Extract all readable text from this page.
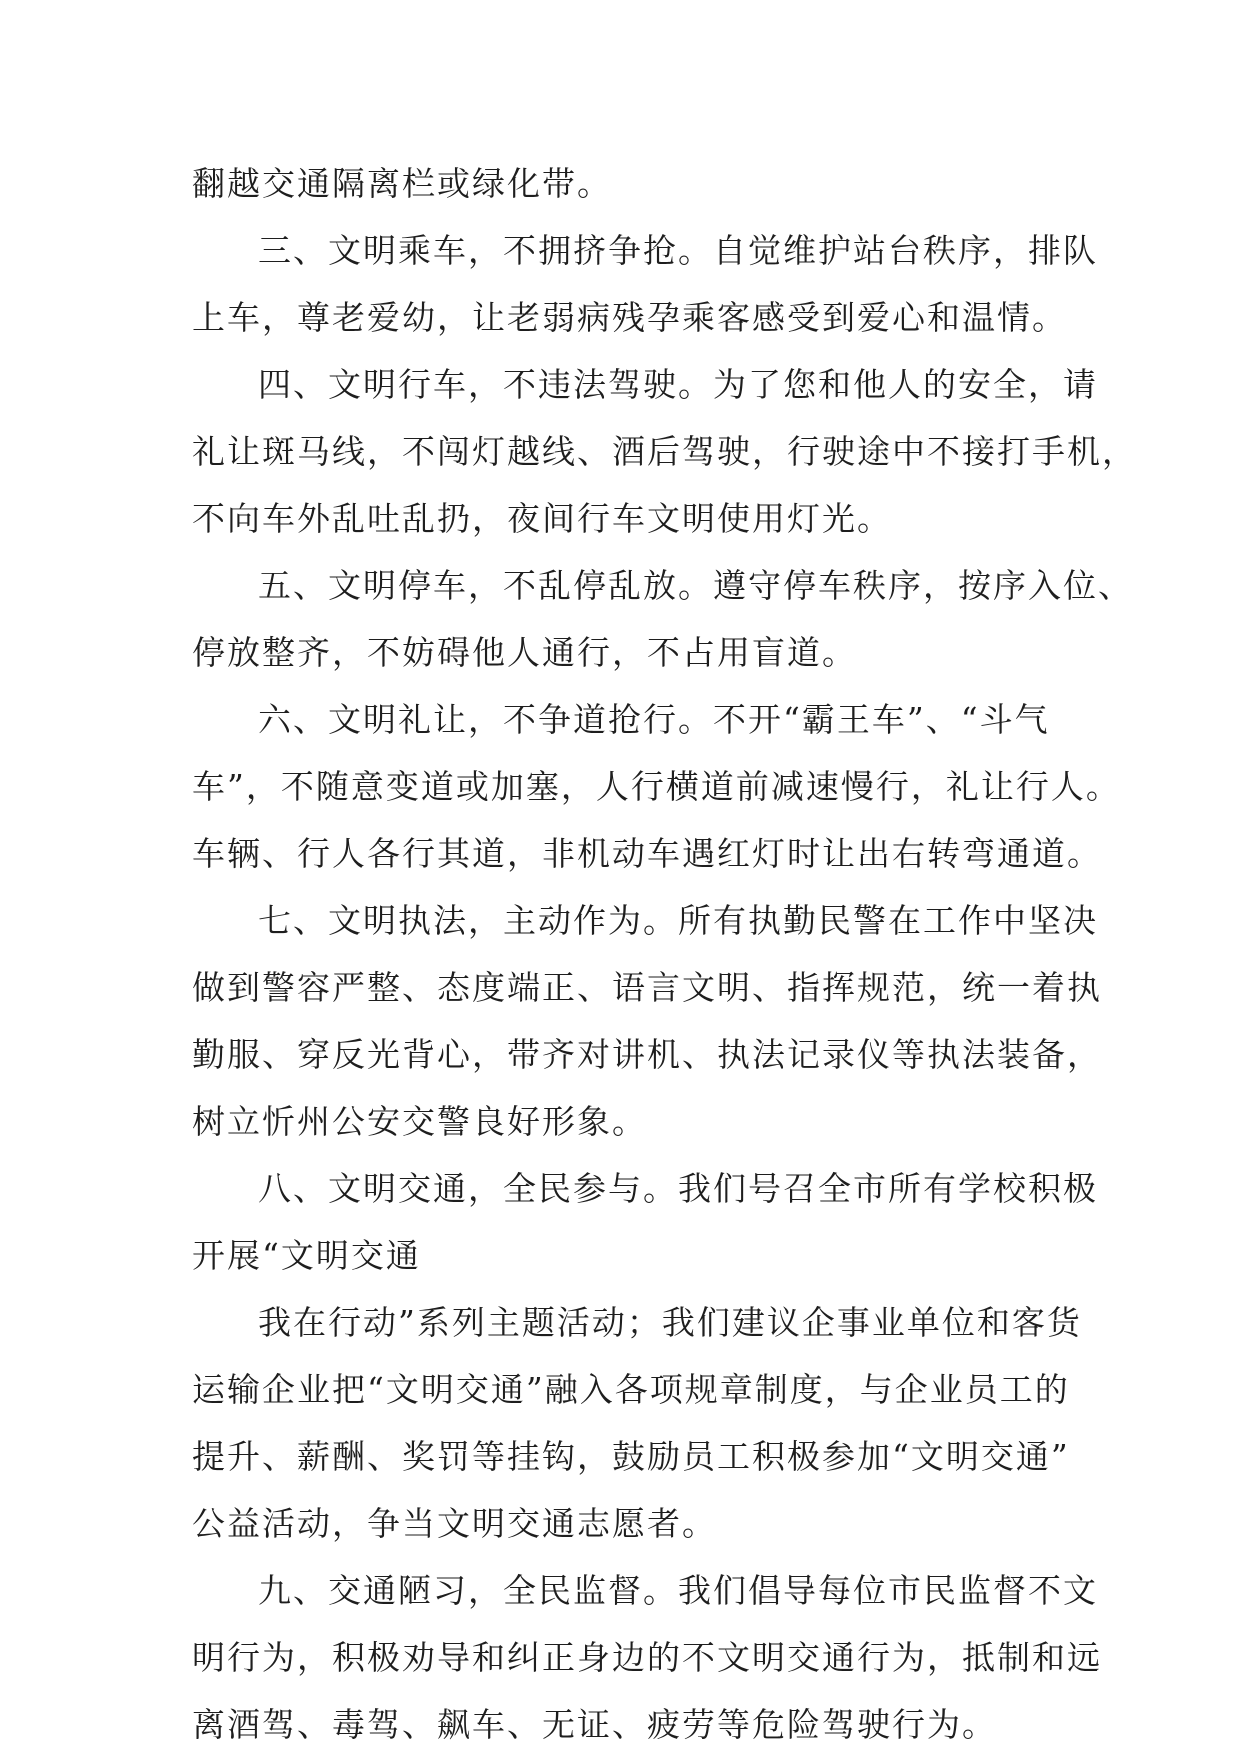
翻越交通隔离栏或绿化带。
三、文明乘车，不拥挤争抢。自觉维护站台秩序，排队
上车，尊老爱幼，让老弱病残孕乘客感受到爱心和温情。
四、文明行车，不违法驾驶。为了您和他人的安全，请
礼让斑马线，不闯灯越线、酒后驾驶，行驶途中不接打手机，
不向车外乱吐乱扔，夜间行车文明使用灯光。
五、文明停车，不乱停乱放。遵守停车秩序，按序入位、
停放整齐，不妨碍他人通行，不占用盲道。
六、文明礼让，不争道抢行。不开“霸王车”、“斗气
车”，不随意变道或加塞，人行横道前减速慢行，礼让行人。
车辆、行人各行其道，非机动车遇红灯时让出右转弯通道。
七、文明执法，主动作为。所有执勤民警在工作中坚决
做到警容严整、态度端正、语言文明、指挥规范，统一着执
勤服、穿反光背心，带齐对讲机、执法记录仪等执法装备，
树立忻州公安交警良好形象。
八、文明交通，全民参与。我们号召全市所有学校积极
开展“文明交通
我在行动”系列主题活动；我们建议企事业单位和客货
运输企业把“文明交通”融入各项规章制度，与企业员工的
提升、薪酬、奖罚等挂钩，鼓励员工积极参加“文明交通”
公益活动，争当文明交通志愿者。
九、交通陋习，全民监督。我们倡导每位市民监督不文
明行为，积极劝导和纠正身边的不文明交通行为，抵制和远
离酒驾、毒驾、飙车、无证、疲劳等危险驾驶行为。
